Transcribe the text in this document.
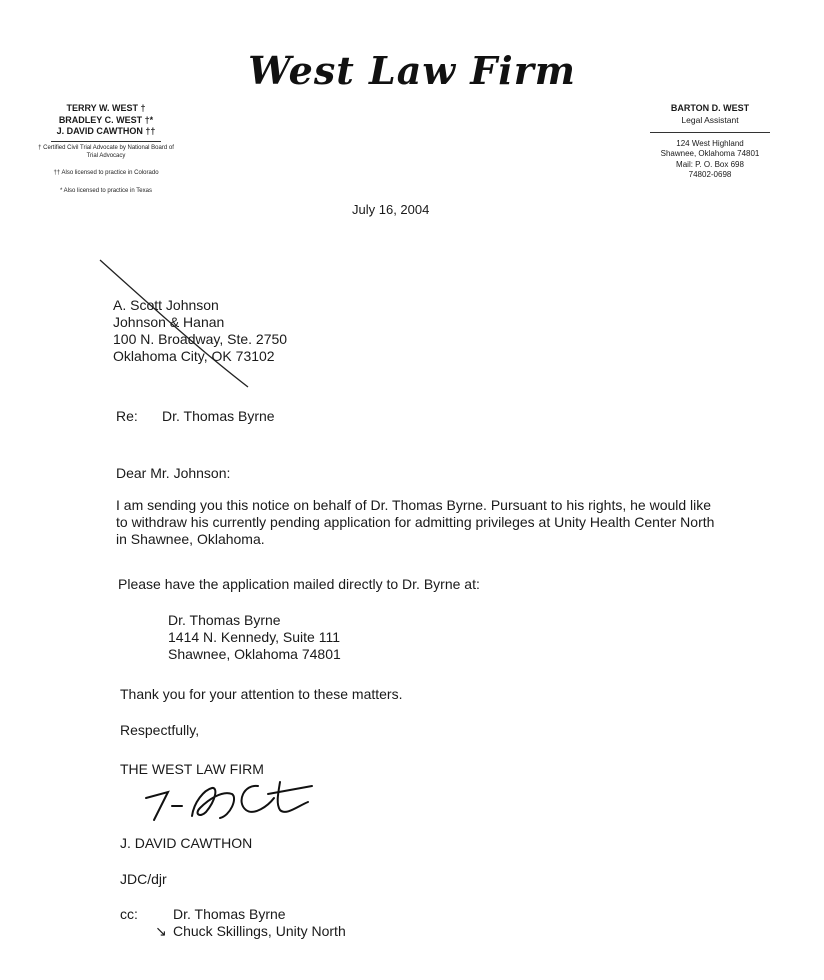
West Law Firm
TERRY W. WEST †
BRADLEY C. WEST †*
J. DAVID CAWTHON ††
† Certified Civil Trial Advocate by National Board of Trial Advocacy
†† Also licensed to practice in Colorado
* Also licensed to practice in Texas
BARTON D. WEST
Legal Assistant
124 West Highland
Shawnee, Oklahoma 74801
Mail: P. O. Box 698
74802-0698
July 16, 2004
A. Scott Johnson
Johnson & Hanan
100 N. Broadway, Ste. 2750
Oklahoma City, OK 73102
Re: Dr. Thomas Byrne
Dear Mr. Johnson:
I am sending you this notice on behalf of Dr. Thomas Byrne. Pursuant to his rights, he would like to withdraw his currently pending application for admitting privileges at Unity Health Center North in Shawnee, Oklahoma.
Please have the application mailed directly to Dr. Byrne at:
Dr. Thomas Byrne
1414 N. Kennedy, Suite 111
Shawnee, Oklahoma 74801
Thank you for your attention to these matters.
Respectfully,
THE WEST LAW FIRM
J. DAVID CAWTHON
JDC/djr
cc:	Dr. Thomas Byrne
↘ Chuck Skillings, Unity North
